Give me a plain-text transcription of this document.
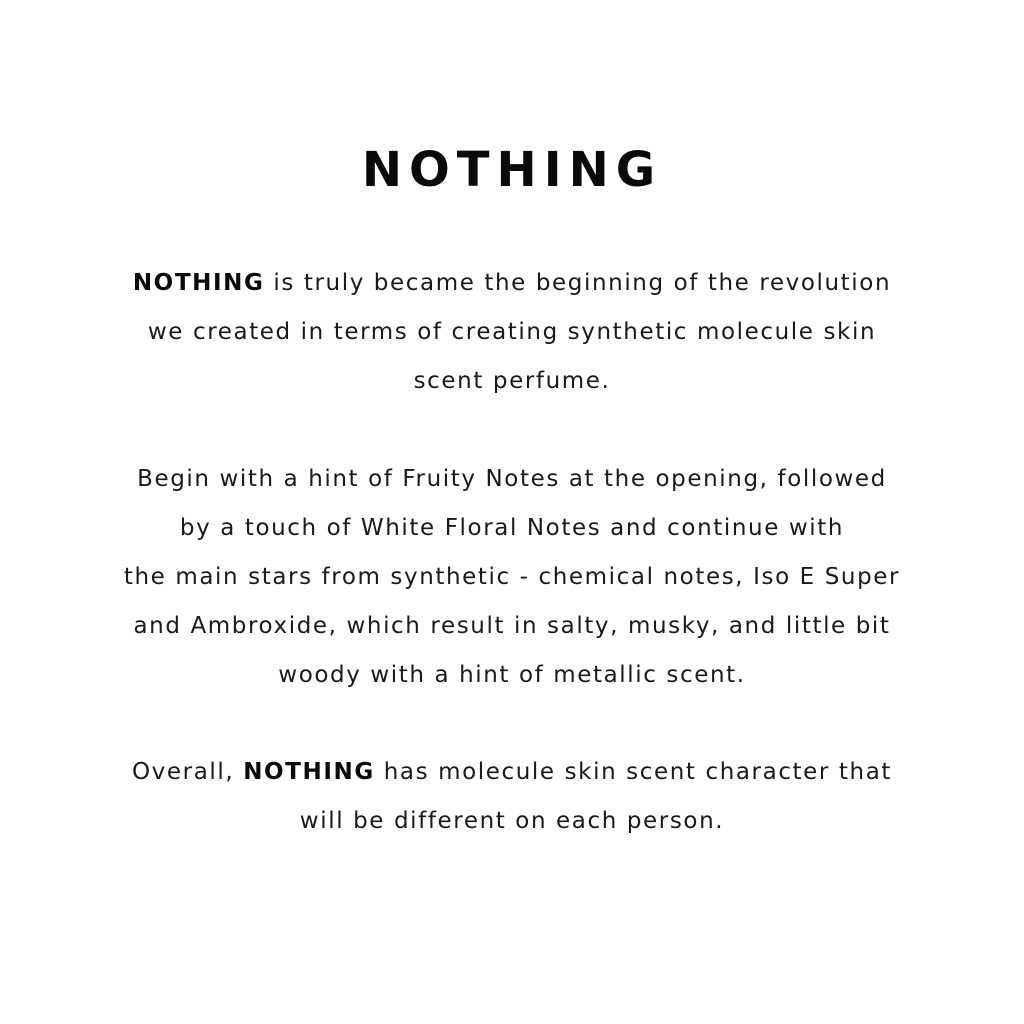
NOTHING

NOTHING is truly became the beginning of the revolution
we created in terms of creating synthetic molecule skin
scent perfume.

Begin with a hint of Fruity Notes at the opening, followed
by a touch of White Floral Notes and continue with
the main stars from synthetic - chemical notes, Iso E Super
and Ambroxide, which result in salty, musky, and little bit
woody with a hint of metallic scent.

Overall, NOTHING has molecule skin scent character that
will be different on each person.
